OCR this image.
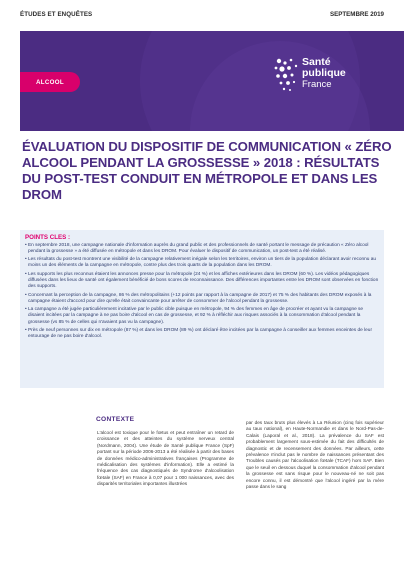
ÉTUDES ET ENQUÊTES	SEPTEMBRE 2019
ALCOOL
Santé
publique
France
ÉVALUATION DU DISPOSITIF DE COMMUNICATION « ZÉRO ALCOOL PENDANT LA GROSSESSE » 2018 : RÉSULTATS DU POST-TEST CONDUIT EN MÉTROPOLE ET DANS LES DROM
POINTS CLES :
• En septembre 2018, une campagne nationale d'information auprès du grand public et des professionnels de santé portant le message de précaution « Zéro alcool pendant la grossesse » a été diffusée en métropole et dans les DROM. Pour évaluer le dispositif de communication, un post-test a été réalisé.
• Les résultats du post-test montrent une visibilité de la campagne relativement inégale selon les territoires, environ un tiers de la population déclarant avoir reconnu au moins un des éléments de la campagne en métropole, contre plus des trois quarts de la population dans les DROM.
• Les supports les plus reconnus étaient les annonces presse pour la métropole (24 %) et les affiches extérieures dans les DROM (60 %). Les vidéos pédagogiques diffusées dans les lieux de santé ont également bénéficié de bons scores de reconnaissance. Des différences importantes entre les DROM sont observées en fonction des supports.
• Concernant la perception de la campagne, 86 % des métropolitains (+12 points par rapport à la campagne de 2017) et 75 % des habitants des DROM exposés à la campagne étaient d'accord pour dire qu'elle était convaincante pour arrêter de consommer de l'alcool pendant la grossesse.
• La campagne a été jugée particulièrement incitative par le public cible puisque en métropole, 94 % des femmes en âge de procréer et ayant vu la campagne se disaient incitées par la campagne à ne pas boire d'alcool en cas de grossesse, et 92 % à réfléchir aux risques associés à la consommation d'alcool pendant la grossesse (vs 85 % de celles qui n'avaient pas vu la campagne).
• Près de neuf personnes sur dix en métropole (87 %) et dans les DROM (89 %) ont déclaré être incitées par la campagne à conseiller aux femmes enceintes de leur entourage de ne pas boire d'alcool.
CONTEXTE
L'alcool est toxique pour le fœtus et peut entraîner un retard de croissance et des atteintes du système nerveux central (Nordmann, 2004). Une étude de Santé publique France (SpF) portant sur la période 2006-2013 a été réalisée à partir des bases de données médico-administratives françaises (Programme de médicalisation des systèmes d'information). Elle a estimé la fréquence des cas diagnostiqués de Syndrome d'alcoolisation fœtale (SAF) en France à 0,07 pour 1 000 naissances, avec des disparités territoriales importantes illustrées
par des taux bruts plus élevés à La Réunion (cinq fois supérieur au taux national), en Haute-Normandie et dans le Nord-Pas-de-Calais (Laporal et al., 2018). La prévalence du SAF est probablement largement sous-estimée du fait des difficultés de diagnostic et de recensement des données. Par ailleurs, cette prévalence n'inclut pas le nombre de naissances présentant des Troubles causés par l'alcoolisation fœtale (TCAF) hors SAF. Bien que le seuil en dessous duquel la consommation d'alcool pendant la grossesse est sans risque pour le nouveau-né ne soit pas encore connu, il est démontré que l'alcool ingéré par la mère passe dans le sang
